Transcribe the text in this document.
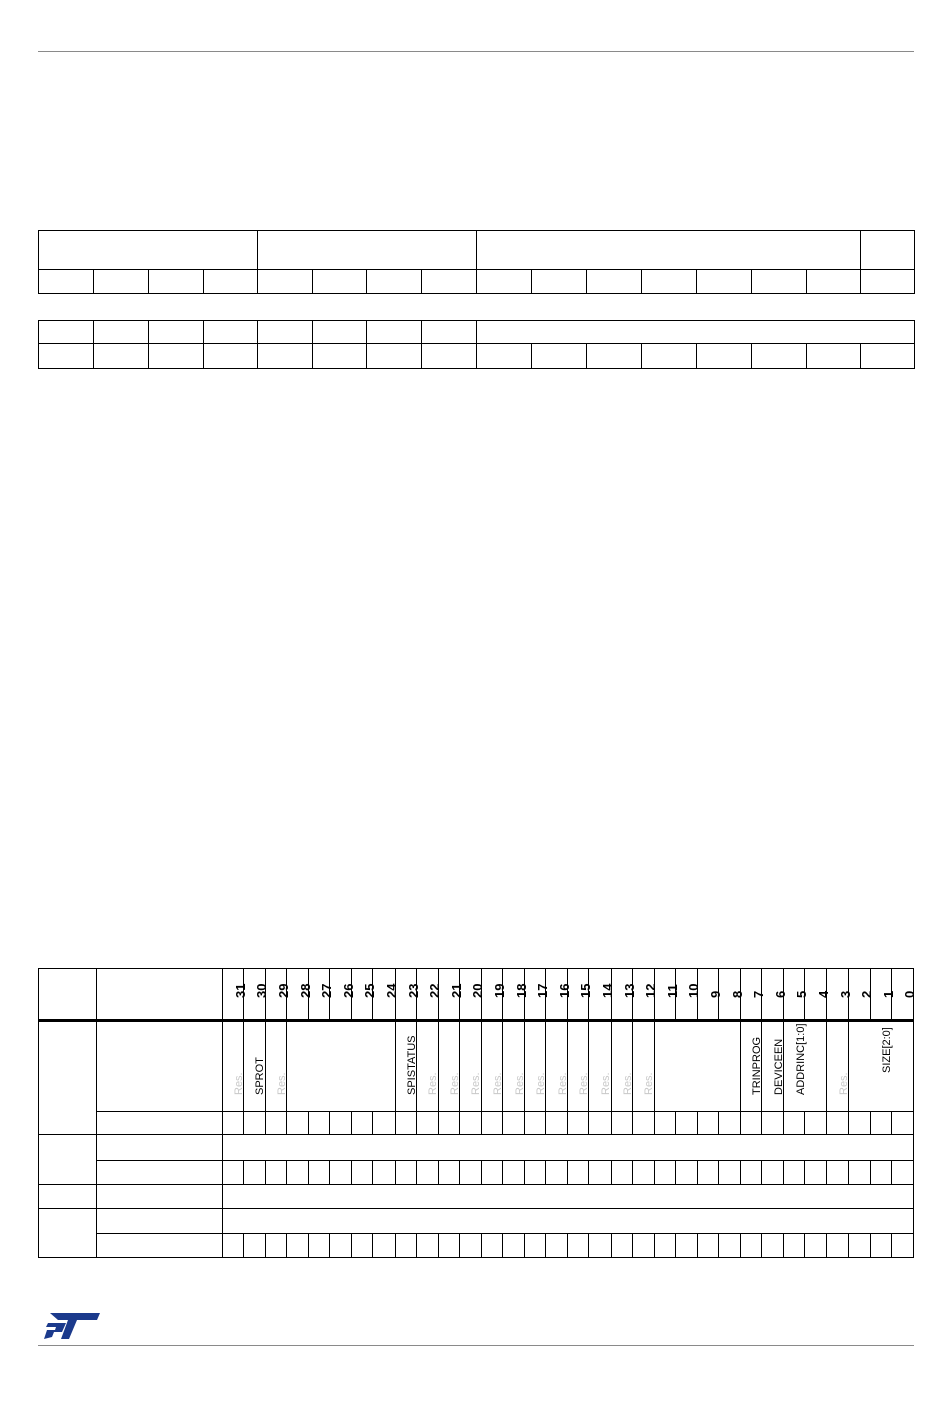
		31	30	29	28	27	26	25	24	23	22	21	20	19	18	17	16	15	14	13	12	11	10	9	8	7	6	5	4	3	2	1	0

		Res.	SPROT	Res.						SPISTATUS	Res.	Res.	Res.	Res.	Res.	Res.	Res.	Res.	Res.	Res.	Res.					TRINPROG	DEVICEEN	ADDRINC[1:0]		Res.	SIZE[2:0]		
